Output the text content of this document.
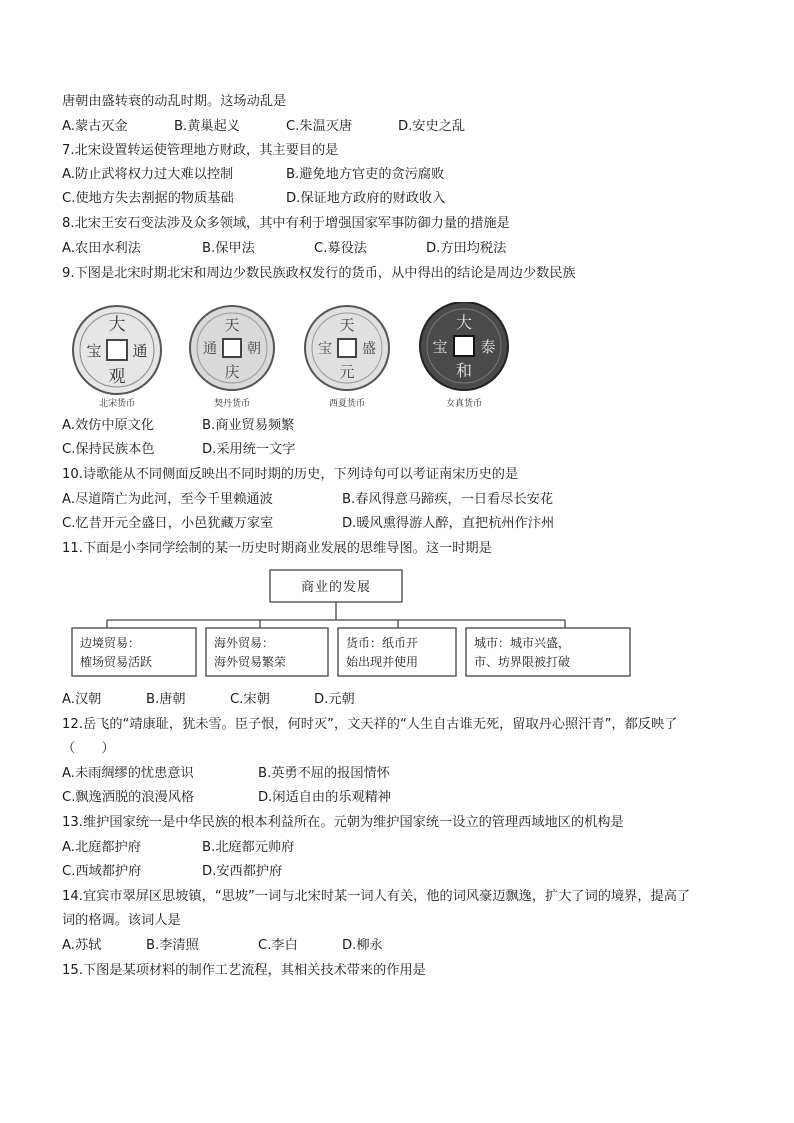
唐朝由盛转衰的动乱时期。这场动乱是
A.蒙古灭金	B.黄巢起义	C.朱温灭唐	D.安史之乱
7.北宋设置转运使管理地方财政，其主要目的是
A.防止武将权力过大难以控制	B.避免地方官吏的贪污腐败
C.使地方失去割据的物质基础	D.保证地方政府的财政收入
8.北宋王安石变法涉及众多领域，其中有利于增强国家军事防御力量的措施是
A.农田水利法	B.保甲法	C.募役法	D.方田均税法
9.下图是北宋时期北宋和周边少数民族政权发行的货币，从中得出的结论是周边少数民族
大
通
观
宝
北宋货币
天
朝
庆
通
契丹货币
天
盛
元
宝
西夏货币
大
泰
和
宝
女真货币
A.效仿中原文化	B.商业贸易频繁
C.保持民族本色	D.采用统一文字
10.诗歌能从不同侧面反映出不同时期的历史，下列诗句可以考证南宋历史的是
A.尽道隋亡为此河，至今千里赖通波	B.春风得意马蹄疾，一日看尽长安花
C.忆昔开元全盛日，小邑犹藏万家室	D.暖风熏得游人醉，直把杭州作汴州
11.下面是小李同学绘制的某一历史时期商业发展的思维导图。这一时期是
商业的发展
边境贸易：
榷场贸易活跃
海外贸易：
海外贸易繁荣
货币：纸币开
始出现并使用
城市：城市兴盛，
市、坊界限被打破
A.汉朝	B.唐朝	C.宋朝	D.元朝
12.岳飞的“靖康耻，犹未雪。臣子恨，何时灭”，文天祥的“人生自古谁无死，留取丹心照汗青”，都反映了
（　　）
A.未雨绸缪的忧患意识	B.英勇不屈的报国情怀
C.飘逸洒脱的浪漫风格	D.闲适自由的乐观精神
13.维护国家统一是中华民族的根本利益所在。元朝为维护国家统一设立的管理西域地区的机构是
A.北庭都护府	B.北庭都元帅府
C.西域都护府	D.安西都护府
14.宜宾市翠屏区思坡镇，“思坡”一词与北宋时某一词人有关，他的词风豪迈飘逸，扩大了词的境界，提高了
词的格调。该词人是
A.苏轼	B.李清照	C.李白	D.柳永
15.下图是某项材料的制作工艺流程，其相关技术带来的作用是
